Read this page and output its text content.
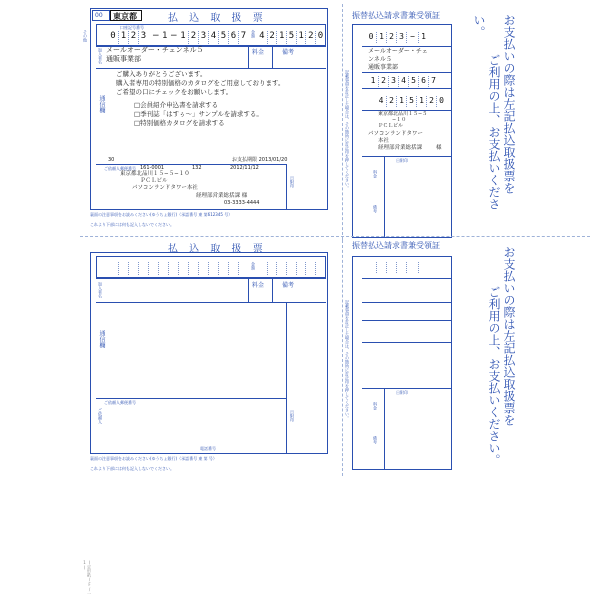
00 東京都	払 込 取 扱 票
口座記号番号
0 1 2 3 − 1 − 1 2 3 4 5 6 7 4 2 1 5 1 2 0
金額
メールオーダー・チェンネル５
通販事業部
加入者名	料金	備考
通信欄
ご購入ありがとうございます。
購入者専用の特別価格のカタログをご用意しております。
ご希望の口にチェックをお願いします。
□会員紹介申込書を請求する
□季刊誌「はすぅ〜」サンプルを請求する。
□特別価格カタログを請求する
30	お支払期限 2013/01/20
ご依頼人郵便番号 161-0001	132	2012/11/12
東京都北品川１５−５−１０
ＰＣＬビル
パソコンランドタワー本社
経理部営業総括課 様
03-3333-4444
日附印
裏面の注意事項をお読みください(ゆうちょ銀行)（承認番号 東 第612345 号）
これより下部には何も記入しないでください。
その他
振替払込請求書兼受領証
0 1 2 3 − 1
メールオーダー・チェ
ンネル５
通販事業部
1 2 3 4 5 6 7
4 2 1 5 1 2 0
東京都北品川１５−５
−１０
ＰＣＬビル
パソコンランドタワー
本社
経理部営業総括課	様
日附印
料金
備考
記載事項を訂正した場合は、その箇所に訂正印を押してください。	お支払いの際は左記払込取扱票を
ご利用の上、お支払いください。
払 込 取 扱 票
金額
加入者名	料金	備考
通信欄
日附印
ご依頼人郵便番号
ご依頼人
電話番号
裏面の注意事項をお読みください(ゆうちょ銀行)（承認番号 東 第 号）
これより下部には何も記入しないでください。
振替払込請求書兼受領証
日附印
料金
備考
記載事項を訂正した場合は、その箇所に訂正印を押してください。	お支払いの際は左記払込取扱票を
ご利用の上、お支払いください。
(定形紙/F/一1)
